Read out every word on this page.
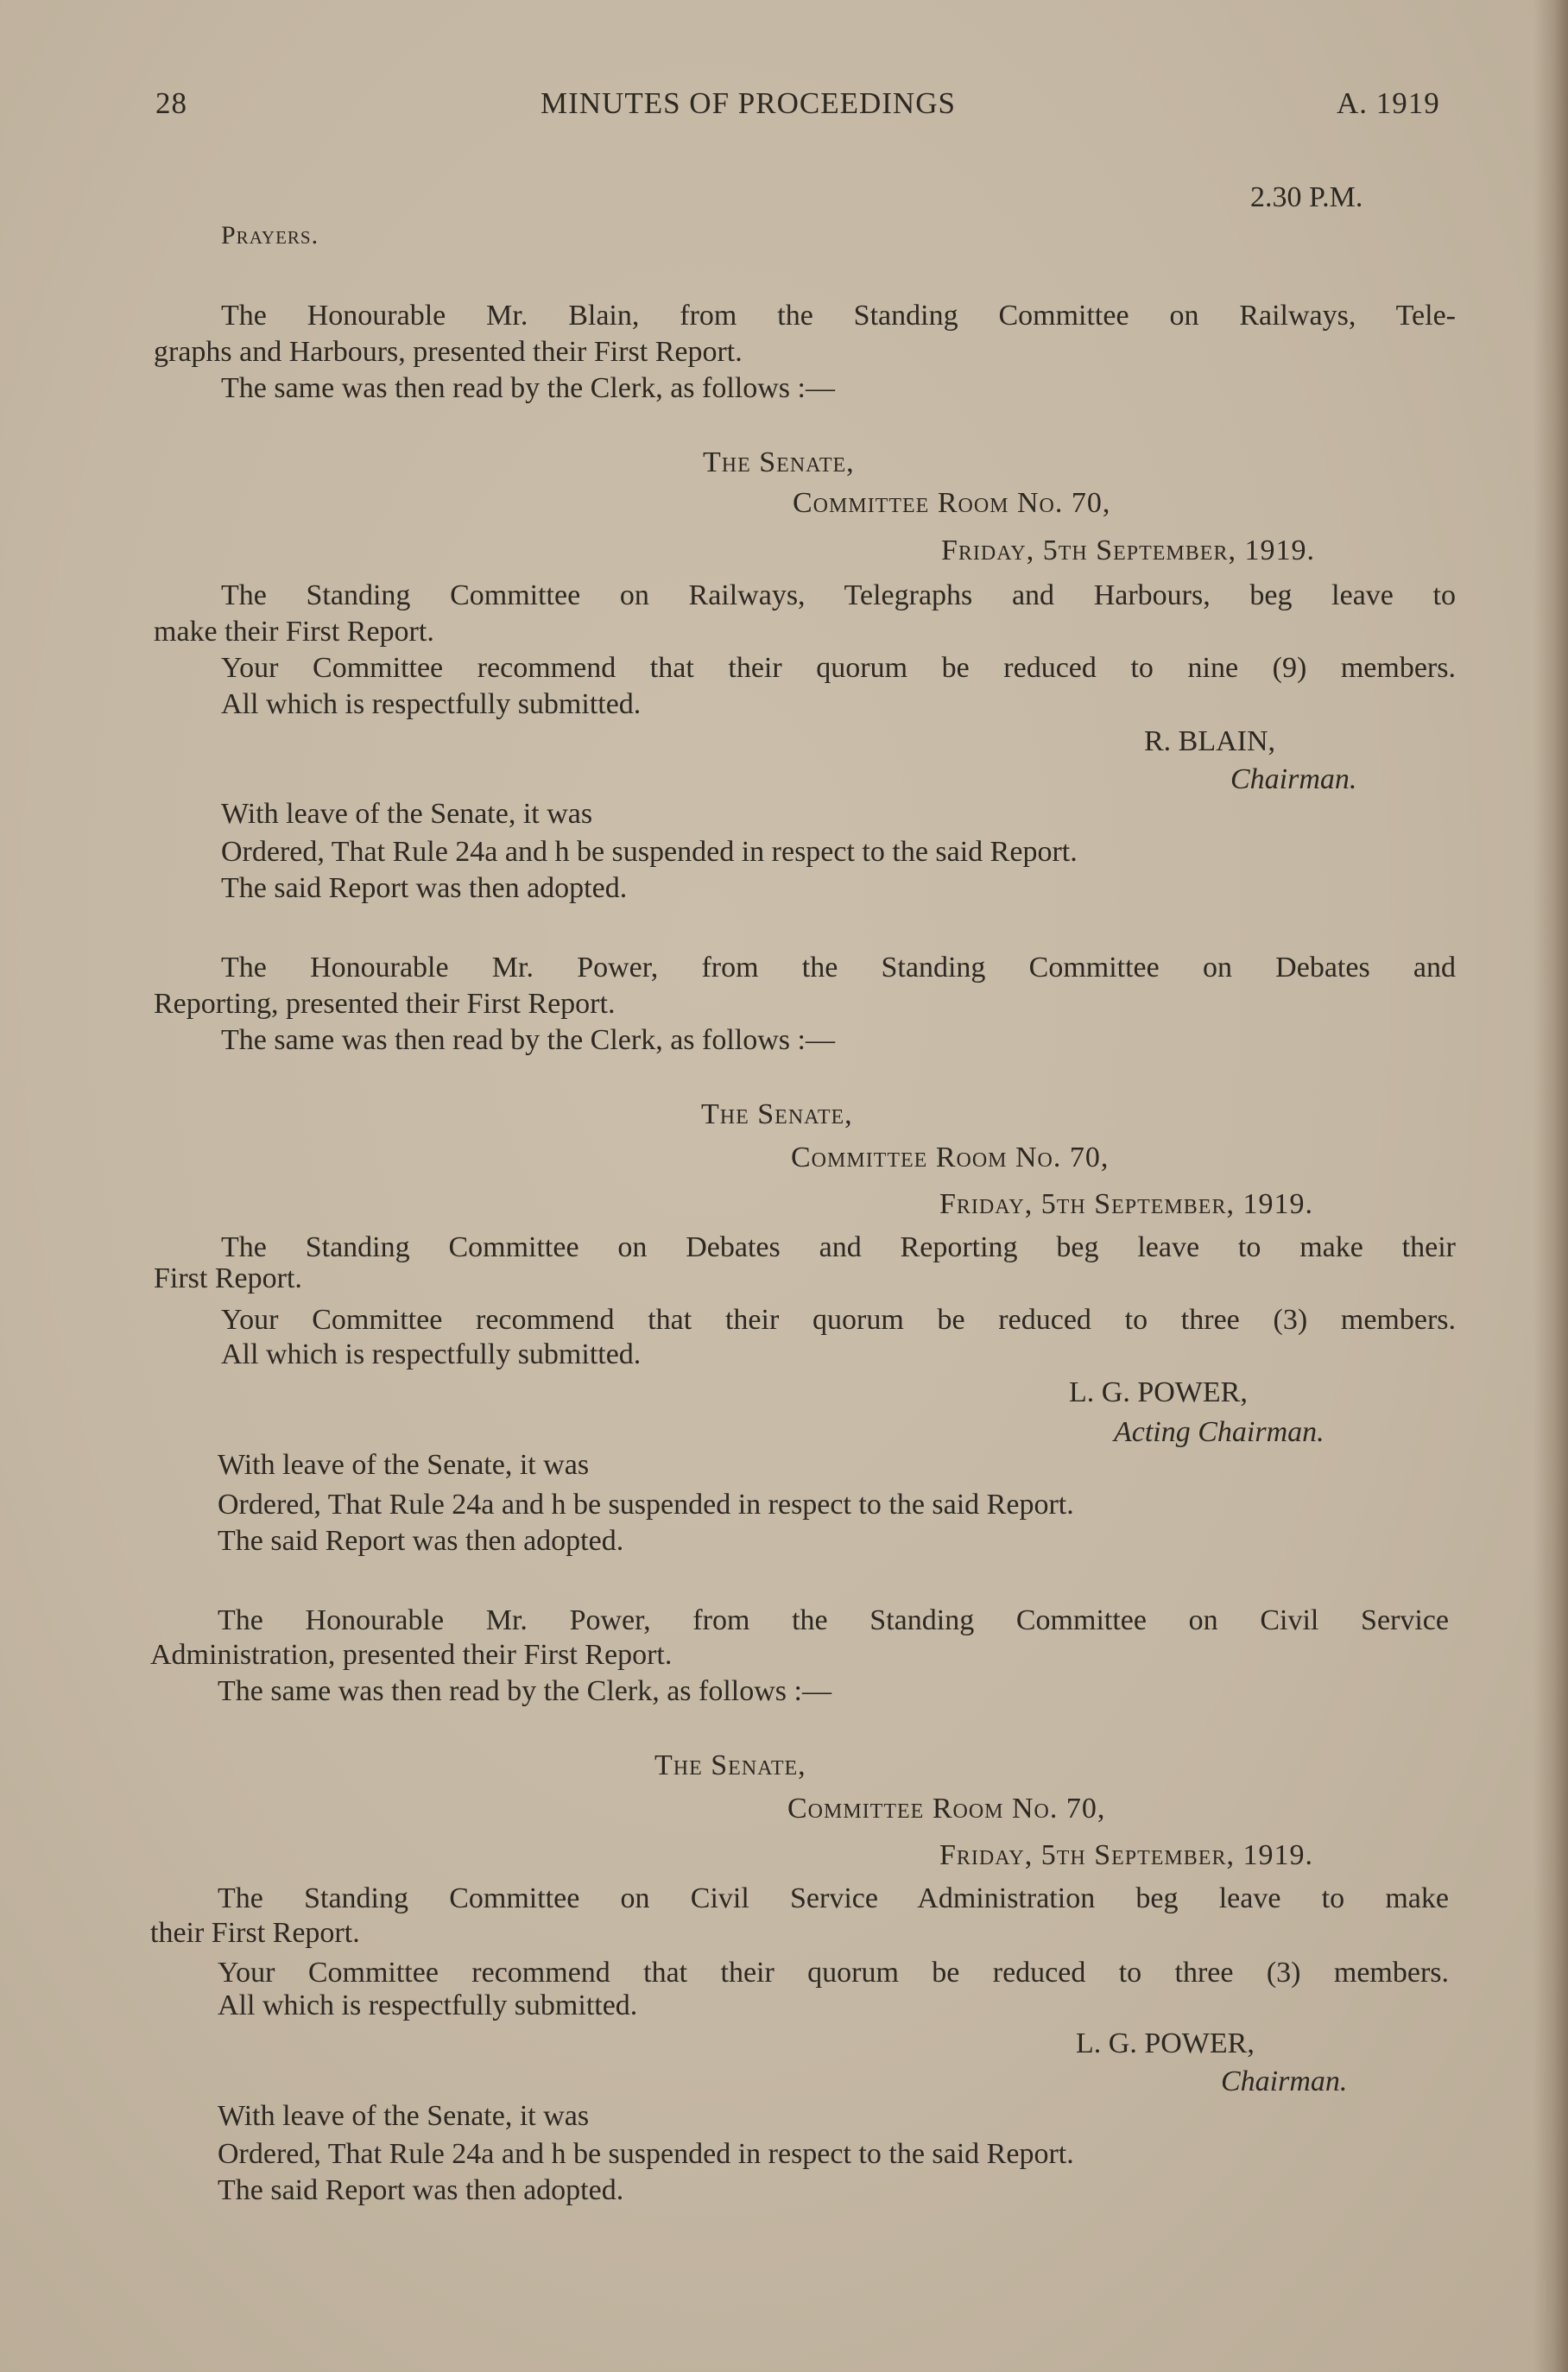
28	MINUTES OF PROCEEDINGS	A. 1919

2.30 P.M.

Prayers.

The Honourable Mr. Blain, from the Standing Committee on Railways, Tele-

graphs and Harbours, presented their First Report.

The same was then read by the Clerk, as follows :—

The Senate,

Committee Room No. 70,

Friday, 5th September, 1919.

The Standing Committee on Railways, Telegraphs and Harbours, beg leave to

make their First Report.

Your Committee recommend that their quorum be reduced to nine (9) members.

All which is respectfully submitted.

R. BLAIN,

Chairman.

With leave of the Senate, it was

Ordered, That Rule 24a and h be suspended in respect to the said Report.

The said Report was then adopted.

The Honourable Mr. Power, from the Standing Committee on Debates and

Reporting, presented their First Report.

The same was then read by the Clerk, as follows :—

The Senate,

Committee Room No. 70,

Friday, 5th September, 1919.

The Standing Committee on Debates and Reporting beg leave to make their

First Report.

Your Committee recommend that their quorum be reduced to three (3) members.

All which is respectfully submitted.

L. G. POWER,

Acting Chairman.

With leave of the Senate, it was

Ordered, That Rule 24a and h be suspended in respect to the said Report.

The said Report was then adopted.

The Honourable Mr. Power, from the Standing Committee on Civil Service

Administration, presented their First Report.

The same was then read by the Clerk, as follows :—

The Senate,

Committee Room No. 70,

Friday, 5th September, 1919.

The Standing Committee on Civil Service Administration beg leave to make

their First Report.

Your Committee recommend that their quorum be reduced to three (3) members.

All which is respectfully submitted.

L. G. POWER,

Chairman.

With leave of the Senate, it was

Ordered, That Rule 24a and h be suspended in respect to the said Report.

The said Report was then adopted.
